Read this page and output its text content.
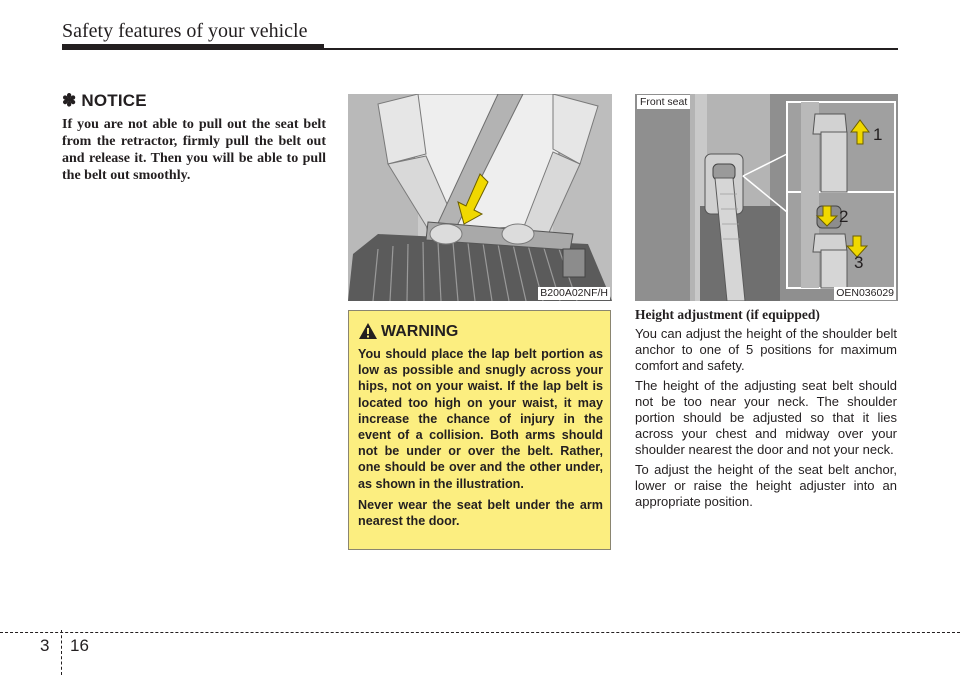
Safety features of your vehicle
✽ NOTICE
If you are not able to pull out the seat belt from the retractor, firmly pull the belt out and release it. Then you will be able to pull the belt out smoothly.
B200A02NF/H
1
2
3
Front seat
OEN036029
WARNING

You should place the lap belt portion as low as possible and snugly across your hips, not on your waist. If the lap belt is located too high on your waist, it may increase the chance of injury in the event of a collision. Both arms should not be under or over the belt. Rather, one should be over and the other under, as shown in the illustration.

Never wear the seat belt under the arm nearest the door.

Height adjustment (if equipped)

You can adjust the height of the shoulder belt anchor to one of 5 positions for maximum comfort and safety.

The height of the adjusting seat belt should not be too near your neck. The shoulder portion should be adjusted so that it lies across your chest and midway over your shoulder nearest the door and not your neck.

To adjust the height of the seat belt anchor, lower or raise the height adjuster into an appropriate position.

3 16
